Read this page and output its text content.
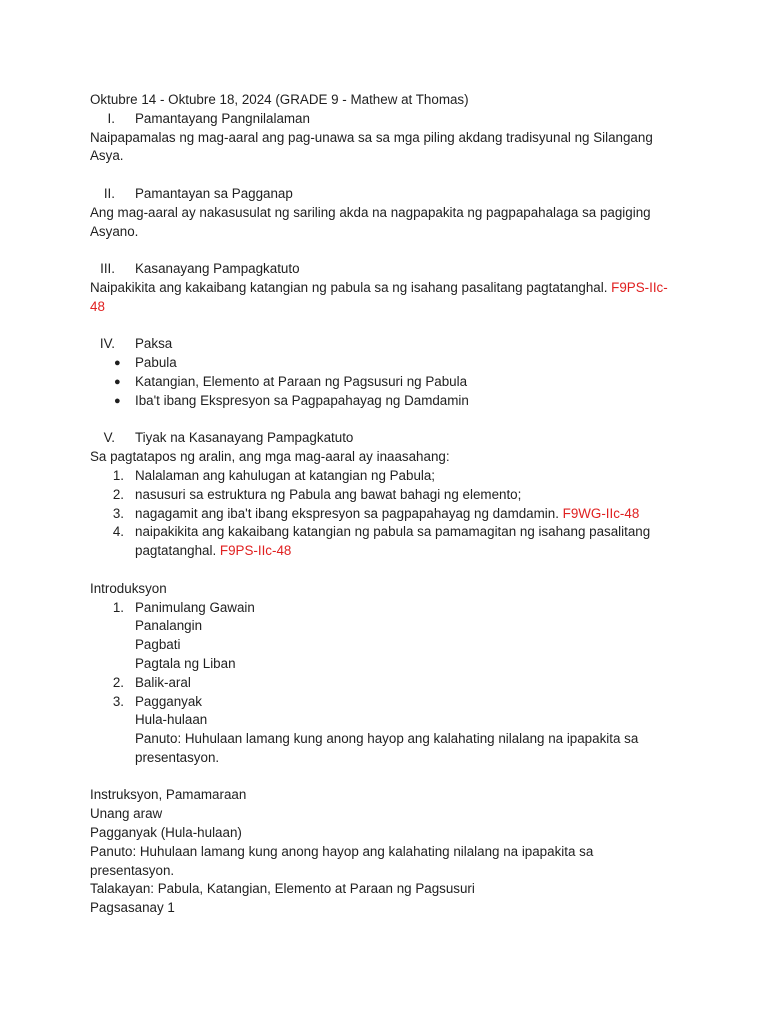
Oktubre 14 - Oktubre 18, 2024 (GRADE 9 - Mathew at Thomas)
I.	Pamantayang Pangnilalaman
Naipapamalas ng mag-aaral ang pag-unawa sa sa mga piling akdang tradisyunal ng Silangang Asya.
II.	Pamantayan sa Pagganap
Ang mag-aaral ay nakasusulat ng sariling akda na nagpapakita ng pagpapahalaga sa pagiging Asyano.
III.	Kasanayang Pampagkatuto
Naipakikita ang kakaibang katangian ng pabula sa ng isahang pasalitang pagtatanghal. F9PS-IIc-48
IV.	Paksa
●	Pabula
●	Katangian, Elemento at Paraan ng Pagsusuri ng Pabula
●	Iba't ibang Ekspresyon sa Pagpapahayag ng Damdamin
V.	Tiyak na Kasanayang Pampagkatuto
Sa pagtatapos ng aralin, ang mga mag-aaral ay inaasahang:
1. Nalalaman ang kahulugan at katangian ng Pabula;
2. nasusuri sa estruktura ng Pabula ang bawat bahagi ng elemento;
3. nagagamit ang iba't ibang ekspresyon sa pagpapahayag ng damdamin. F9WG-IIc-48
4. naipakikita ang kakaibang katangian ng pabula sa pamamagitan ng isahang pasalitang pagtatanghal. F9PS-IIc-48
Introduksyon
1. Panimulang Gawain
Panalangin
Pagbati
Pagtala ng Liban
2. Balik-aral
3. Pagganyak
Hula-hulaan
Panuto: Huhulaan lamang kung anong hayop ang kalahating nilalang na ipapakita sa presentasyon.
Instruksyon, Pamamaraan
Unang araw
Pagganyak (Hula-hulaan)
Panuto: Huhulaan lamang kung anong hayop ang kalahating nilalang na ipapakita sa presentasyon.
Talakayan: Pabula, Katangian, Elemento at Paraan ng Pagsusuri
Pagsasanay 1
